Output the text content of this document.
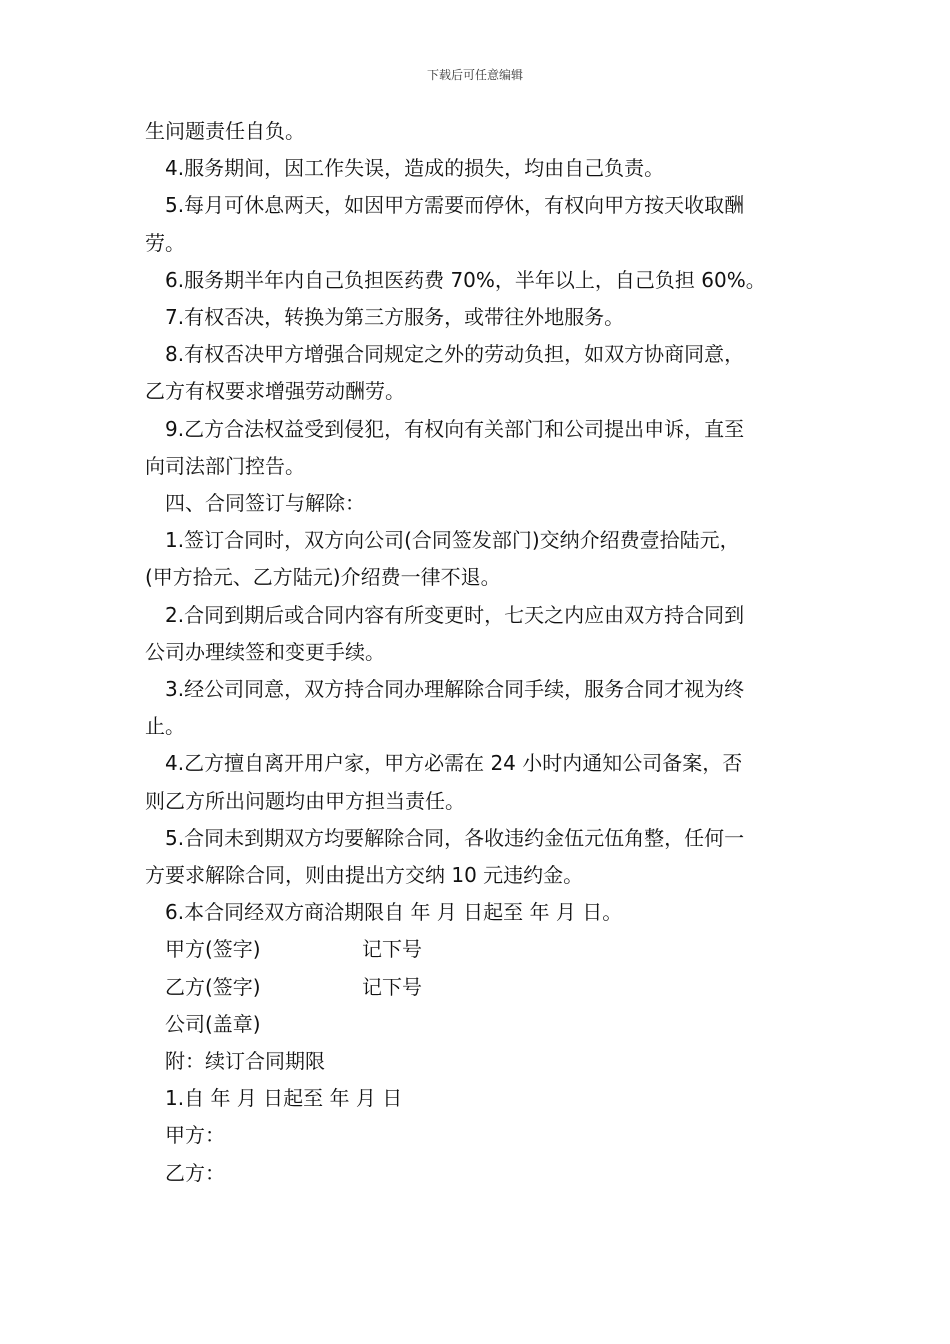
下载后可任意编辑

生问题责任自负。

4.服务期间，因工作失误，造成的损失，均由自己负责。

5.每月可休息两天，如因甲方需要而停休，有权向甲方按天收取酬

劳。

6.服务期半年内自己负担医药费 70%，半年以上，自己负担 60%。

7.有权否决，转换为第三方服务，或带往外地服务。

8.有权否决甲方增强合同规定之外的劳动负担，如双方协商同意，

乙方有权要求增强劳动酬劳。

9.乙方合法权益受到侵犯，有权向有关部门和公司提出申诉，直至

向司法部门控告。

四、合同签订与解除：

1.签订合同时，双方向公司(合同签发部门)交纳介绍费壹拾陆元，

(甲方拾元、乙方陆元)介绍费一律不退。

2.合同到期后或合同内容有所变更时，七天之内应由双方持合同到

公司办理续签和变更手续。

3.经公司同意，双方持合同办理解除合同手续，服务合同才视为终

止。

4.乙方擅自离开用户家，甲方必需在 24 小时内通知公司备案，否

则乙方所出问题均由甲方担当责任。

5.合同未到期双方均要解除合同，各收违约金伍元伍角整，任何一

方要求解除合同，则由提出方交纳 10 元违约金。

6.本合同经双方商洽期限自 年 月 日起至 年 月 日。

甲方(签字)	记下号
乙方(签字)	记下号

公司(盖章)

附：续订合同期限

1.自 年 月 日起至 年 月 日

甲方：

乙方：
